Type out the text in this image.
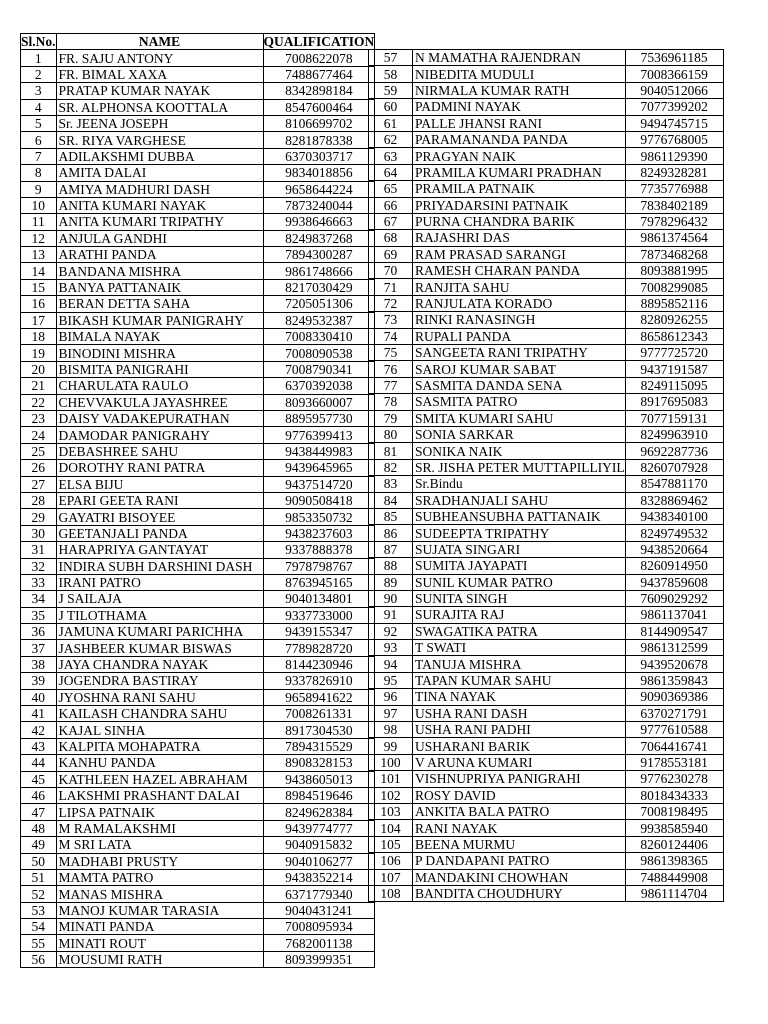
Sl.No.	NAME	QUALIFICATION
1	FR. SAJU ANTONY	7008622078
2	FR. BIMAL XAXA	7488677464
3	PRATAP KUMAR NAYAK	8342898184
4	SR. ALPHONSA KOOTTALA	8547600464
5	Sr. JEENA JOSEPH	8106699702
6	SR. RIYA VARGHESE	8281878338
7	ADILAKSHMI DUBBA	6370303717
8	AMITA DALAI	9834018856
9	AMIYA MADHURI DASH	9658644224
10	ANITA KUMARI NAYAK	7873240044
11	ANITA KUMARI TRIPATHY	9938646663
12	ANJULA GANDHI	8249837268
13	ARATHI PANDA	7894300287
14	BANDANA MISHRA	9861748666
15	BANYA PATTANAIK	8217030429
16	BERAN DETTA SAHA	7205051306
17	BIKASH KUMAR PANIGRAHY	8249532387
18	BIMALA NAYAK	7008330410
19	BINODINI MISHRA	7008090538
20	BISMITA PANIGRAHI	7008790341
21	CHARULATA RAULO	6370392038
22	CHEVVAKULA JAYASHREE	8093660007
23	DAISY VADAKEPURATHAN	8895957730
24	DAMODAR PANIGRAHY	9776399413
25	DEBASHREE SAHU	9438449983
26	DOROTHY RANI PATRA	9439645965
27	ELSA BIJU	9437514720
28	EPARI GEETA RANI	9090508418
29	GAYATRI BISOYEE	9853350732
30	GEETANJALI PANDA	9438237603
31	HARAPRIYA GANTAYAT	9337888378
32	INDIRA SUBH DARSHINI DASH	7978798767
33	IRANI PATRO	8763945165
34	J SAILAJA	9040134801
35	J TILOTHAMA	9337733000
36	JAMUNA KUMARI PARICHHA	9439155347
37	JASHBEER KUMAR BISWAS	7789828720
38	JAYA CHANDRA NAYAK	8144230946
39	JOGENDRA BASTIRAY	9337826910
40	JYOSHNA RANI SAHU	9658941622
41	KAILASH CHANDRA SAHU	7008261331
42	KAJAL SINHA	8917304530
43	KALPITA MOHAPATRA	7894315529
44	KANHU PANDA	8908328153
45	KATHLEEN HAZEL ABRAHAM	9438605013
46	LAKSHMI PRASHANT DALAI	8984519646
47	LIPSA PATNAIK	8249628384
48	M RAMALAKSHMI	9439774777
49	M SRI LATA	9040915832
50	MADHABI PRUSTY	9040106277
51	MAMTA PATRO	9438352214
52	MANAS MISHRA	6371779340
53	MANOJ KUMAR TARASIA	9040431241
54	MINATI PANDA	7008095934
55	MINATI ROUT	7682001138
56	MOUSUMI RATH	8093999351
57	N MAMATHA RAJENDRAN	7536961185
58	NIBEDITA MUDULI	7008366159
59	NIRMALA KUMAR RATH	9040512066
60	PADMINI NAYAK	7077399202
61	PALLE JHANSI RANI	9494745715
62	PARAMANANDA PANDA	9776768005
63	PRAGYAN NAIK	9861129390
64	PRAMILA KUMARI PRADHAN	8249328281
65	PRAMILA PATNAIK	7735776988
66	PRIYADARSINI PATNAIK	7838402189
67	PURNA CHANDRA BARIK	7978296432
68	RAJASHRI DAS	9861374564
69	RAM PRASAD SARANGI	7873468268
70	RAMESH CHARAN PANDA	8093881995
71	RANJITA SAHU	7008299085
72	RANJULATA KORADO	8895852116
73	RINKI RANASINGH	8280926255
74	RUPALI PANDA	8658612343
75	SANGEETA RANI TRIPATHY	9777725720
76	SAROJ KUMAR SABAT	9437191587
77	SASMITA DANDA SENA	8249115095
78	SASMITA PATRO	8917695083
79	SMITA KUMARI SAHU	7077159131
80	SONIA SARKAR	8249963910
81	SONIKA NAIK	9692287736
82	SR. JISHA PETER MUTTAPILLIYIL	8260707928
83	Sr.Bindu	8547881170
84	SRADHANJALI SAHU	8328869462
85	SUBHEANSUBHA PATTANAIK	9438340100
86	SUDEEPTA TRIPATHY	8249749532
87	SUJATA SINGARI	9438520664
88	SUMITA JAYAPATI	8260914950
89	SUNIL KUMAR PATRO	9437859608
90	SUNITA SINGH	7609029292
91	SURAJITA RAJ	9861137041
92	SWAGATIKA PATRA	8144909547
93	T SWATI	9861312599
94	TANUJA MISHRA	9439520678
95	TAPAN KUMAR SAHU	9861359843
96	TINA NAYAK	9090369386
97	USHA RANI DASH	6370271791
98	USHA RANI PADHI	9777610588
99	USHARANI BARIK	7064416741
100	V ARUNA KUMARI	9178553181
101	VISHNUPRIYA PANIGRAHI	9776230278
102	ROSY DAVID	8018434333
103	ANKITA BALA PATRO	7008198495
104	RANI NAYAK	9938585940
105	BEENA MURMU	8260124406
106	P DANDAPANI PATRO	9861398365
107	MANDAKINI CHOWHAN	7488449908
108	BANDITA CHOUDHURY	9861114704
